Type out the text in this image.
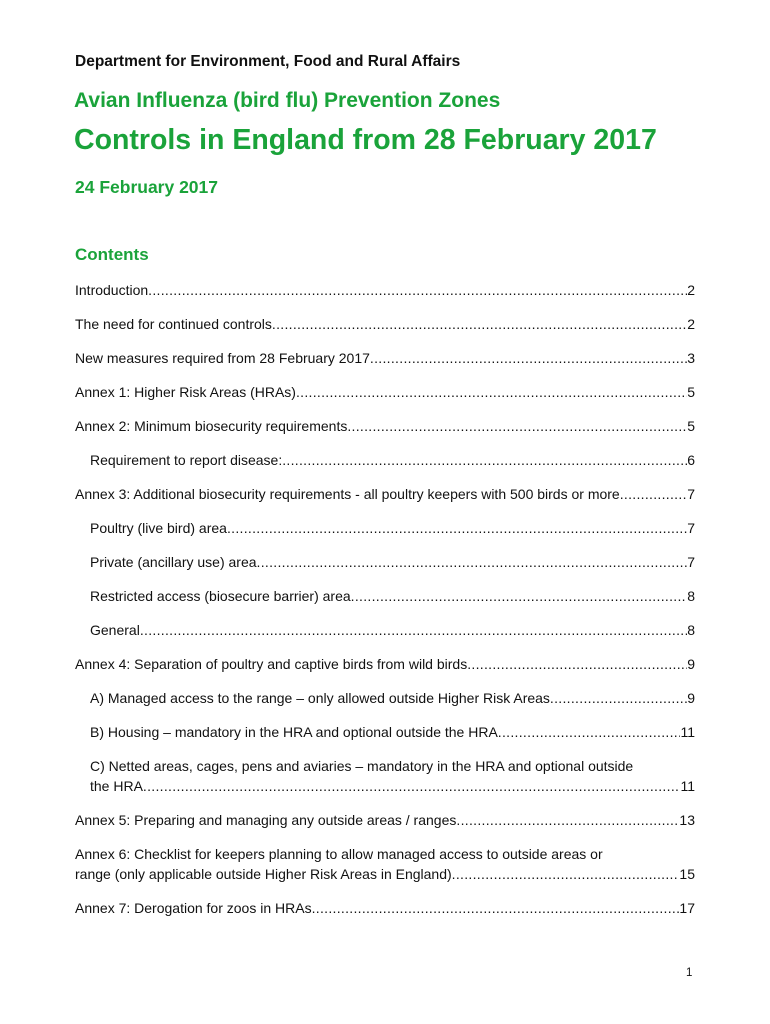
Department for Environment, Food and Rural Affairs
Avian Influenza (bird flu) Prevention Zones
Controls in England from 28 February 2017
24 February 2017
Contents
Introduction .....	2
The need for continued controls .....	2
New measures required from 28 February 2017 .....	3
Annex 1: Higher Risk Areas (HRAs) .....	5
Annex 2: Minimum biosecurity requirements .....	5
Requirement to report disease: .....	6
Annex 3: Additional biosecurity requirements - all poultry keepers with 500 birds or more .....	7
Poultry (live bird) area .....	7
Private (ancillary use) area .....	7
Restricted access (biosecure barrier) area .....	8
General .....	8
Annex 4: Separation of poultry and captive birds from wild birds .....	9
A) Managed access to the range – only allowed outside Higher Risk Areas .....	9
B) Housing – mandatory in the HRA and optional outside the HRA .....	11
C) Netted areas, cages, pens and aviaries – mandatory in the HRA and optional outside
the HRA .....	11
Annex 5: Preparing and managing any outside areas / ranges .....	13
Annex 6: Checklist for keepers planning to allow managed access to outside areas or
range (only applicable outside Higher Risk Areas in England) .....	15
Annex 7: Derogation for zoos in HRAs .....	17
1
